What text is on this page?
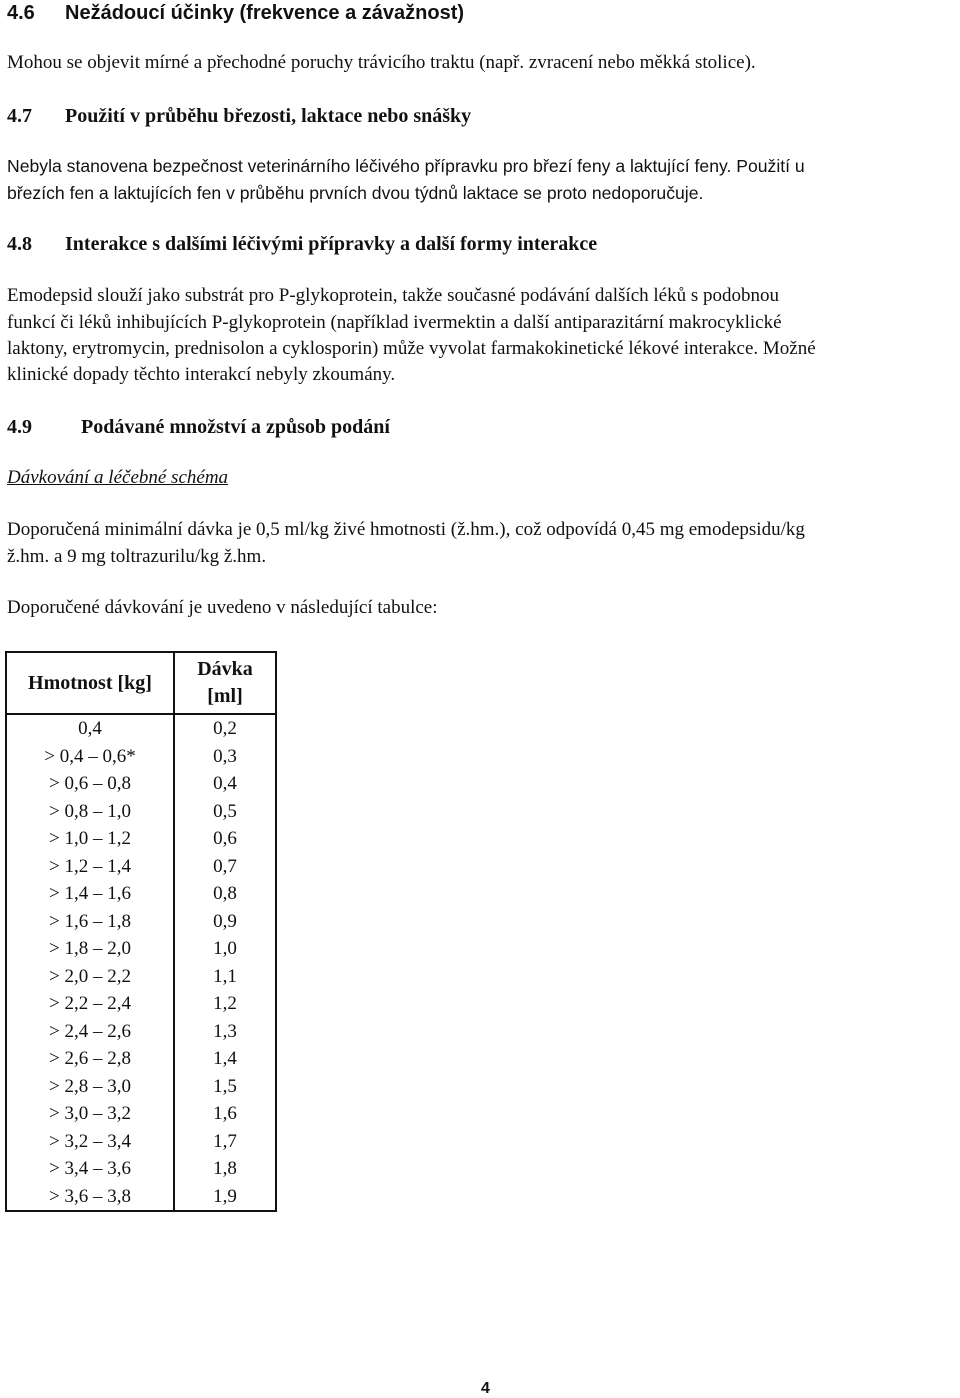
4.6 Nežádoucí účinky (frekvence a závažnost)
Mohou se objevit mírné a přechodné poruchy trávicího traktu (např. zvracení nebo měkká stolice).
4.7 Použití v průběhu březosti, laktace nebo snášky
Nebyla stanovena bezpečnost veterinárního léčivého přípravku pro březí feny a laktující feny. Použití u
březích fen a laktujících fen v průběhu prvních dvou týdnů laktace se proto nedoporučuje.
4.8 Interakce s dalšími léčivými přípravky a další formy interakce
Emodepsid slouží jako substrát pro P-glykoprotein, takže současné podávání dalších léků s podobnou
funkcí či léků inhibujících P-glykoprotein (například ivermektin a další antiparazitární makrocyklické
laktony, erytromycin, prednisolon a cyklosporin) může vyvolat farmakokinetické lékové interakce. Možné
klinické dopady těchto interakcí nebyly zkoumány.
4.9 Podávané množství a způsob podání
Dávkování a léčebné schéma
Doporučená minimální dávka je 0,5 ml/kg živé hmotnosti (ž.hm.), což odpovídá 0,45 mg emodepsidu/kg
ž.hm. a 9 mg toltrazurilu/kg ž.hm.
Doporučené dávkování je uvedeno v následující tabulce:
Hmotnost [kg]	Dávka
[ml]

0,4	0,2
> 0,4 – 0,6*	0,3
> 0,6 – 0,8	0,4
> 0,8 – 1,0	0,5
> 1,0 – 1,2	0,6
> 1,2 – 1,4	0,7
> 1,4 – 1,6	0,8
> 1,6 – 1,8	0,9
> 1,8 – 2,0	1,0
> 2,0 – 2,2	1,1
> 2,2 – 2,4	1,2
> 2,4 – 2,6	1,3
> 2,6 – 2,8	1,4
> 2,8 – 3,0	1,5
> 3,0 – 3,2	1,6
> 3,2 – 3,4	1,7
> 3,4 – 3,6	1,8
> 3,6 – 3,8	1,9
4
